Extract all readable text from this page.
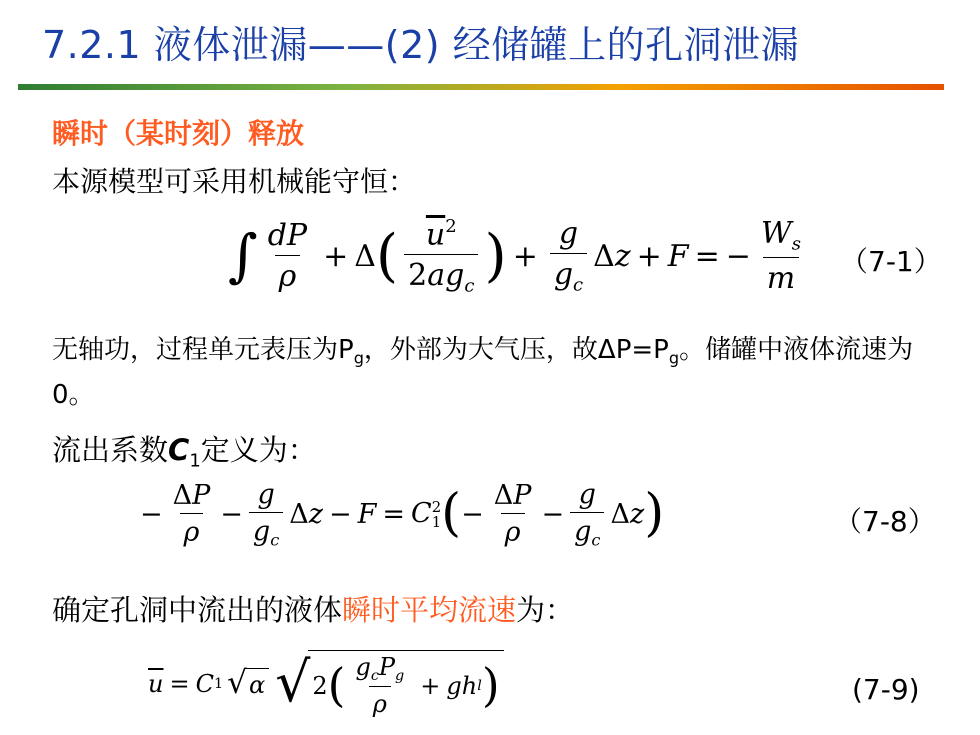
7.2.1 液体泄漏——(2) 经储罐上的孔洞泄漏
瞬时（某时刻）释放
本源模型可采用机械能守恒：
∫ $\frac{dP}{\rho} + \Delta$ ( $\frac{\overline{u}^2}{2ag_c}$ ) + $\frac{g}{g_c}$ Δz + F = − $\frac{W_s}{m} (7-1)$
无轴功，过程单元表压为$P_g$，外部为大气压，故$\Delta P=P_g$。储罐中液体流速为0。
流出系数$C_1$定义为：
− $\frac{\Delta P}{\rho} - \frac{g}{g_c}$ Δz − F = C 2
1 ( − $\frac{\Delta P}{\rho} - \frac{g}{g_c}$ Δz )	（7-8）
确定孔洞中流出的液体瞬时平均流速为：
$\overline{u} = C$ 1 √ α √ 2 ( $\frac{g_cP_g}{\rho}$ + gh l )	(7-9)
